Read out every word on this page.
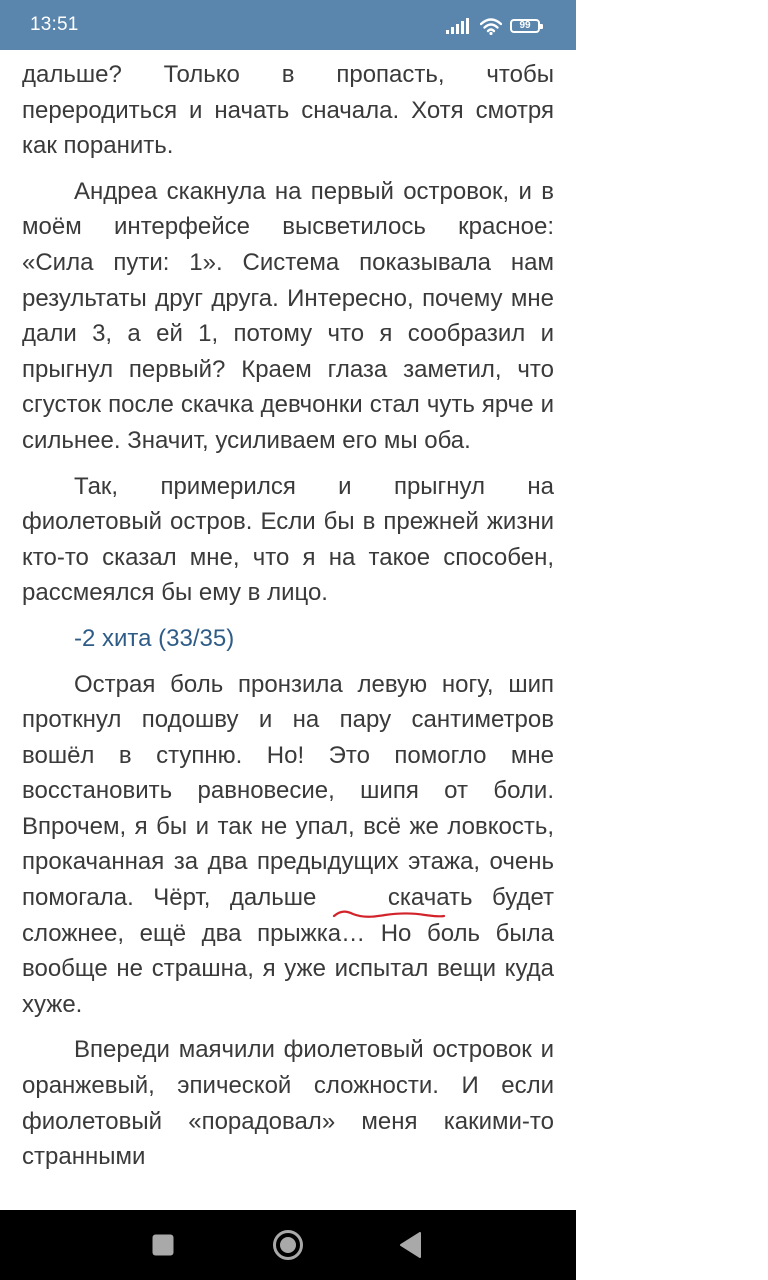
13:51	99

дальше? Только в пропасть, чтобы переродиться и начать сначала. Хотя смотря как поранить.

Андреа скакнула на первый островок, и в моём интерфейсе высветилось красное: «Сила пути: 1». Система показывала нам результаты друг друга. Интересно, почему мне дали 3, а ей 1, потому что я сообразил и прыгнул первый? Краем глаза заметил, что сгусток после скачка девчонки стал чуть ярче и сильнее. Значит, усиливаем его мы оба.

Так, примерился и прыгнул на фиолетовый остров. Если бы в прежней жизни кто-то сказал мне, что я на такое способен, рассмеялся бы ему в лицо.

-2 хита (33/35)

Острая боль пронзила левую ногу, шип проткнул подошву и на пару сантиметров вошёл в ступню. Но! Это помогло мне восстановить равновесие, шипя от боли. Впрочем, я бы и так не упал, всё же ловкость, прокачанная за два предыдущих этажа, очень помогала. Чёрт, дальше скачать
будет сложнее, ещё два прыжка… Но боль была вообще не страшна, я уже испытал вещи куда хуже.

Впереди маячили фиолетовый островок и оранжевый, эпической сложности. И если фиолетовый «порадовал» меня какими-то странными
